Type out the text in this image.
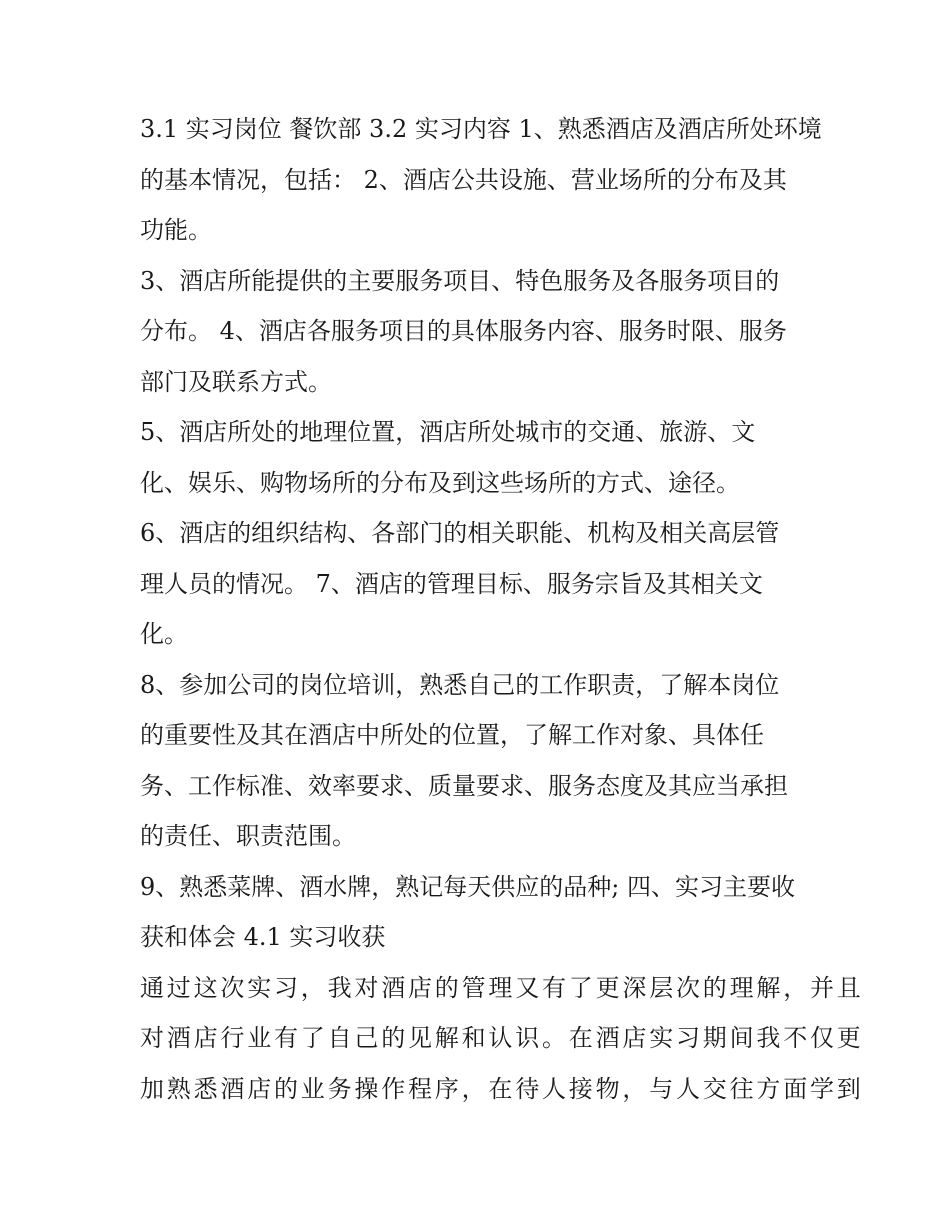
3.1 实习岗位 餐饮部 3.2 实习内容 1、熟悉酒店及酒店所处环境
的基本情况，包括： 2、酒店公共设施、营业场所的分布及其
功能。
3、酒店所能提供的主要服务项目、特色服务及各服务项目的
分布。 4、酒店各服务项目的具体服务内容、服务时限、服务
部门及联系方式。
5、酒店所处的地理位置，酒店所处城市的交通、旅游、文
化、娱乐、购物场所的分布及到这些场所的方式、途径。
6、酒店的组织结构、各部门的相关职能、机构及相关高层管
理人员的情况。 7、酒店的管理目标、服务宗旨及其相关文
化。
8、参加公司的岗位培训，熟悉自己的工作职责，了解本岗位
的重要性及其在酒店中所处的位置，了解工作对象、具体任
务、工作标准、效率要求、质量要求、服务态度及其应当承担
的责任、职责范围。
9、熟悉菜牌、酒水牌，熟记每天供应的品种; 四、实习主要收
获和体会 4.1 实习收获
通过这次实习，我对酒店的管理又有了更深层次的理解，并且
对酒店行业有了自己的见解和认识。在酒店实习期间我不仅更
加熟悉酒店的业务操作程序，在待人接物，与人交往方面学到
